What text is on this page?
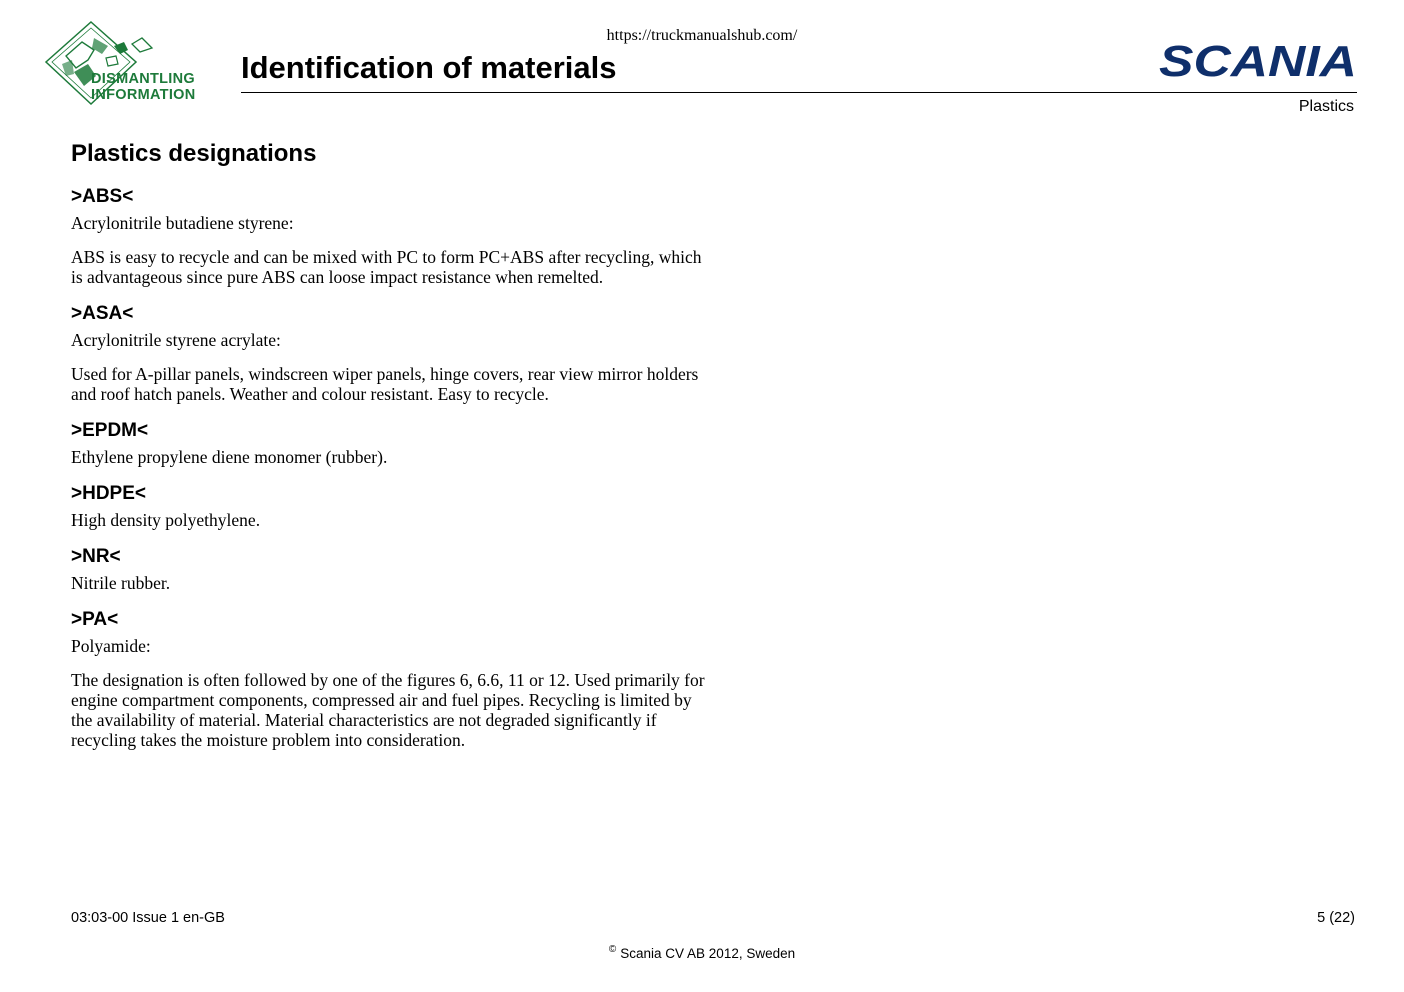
https://truckmanualshub.com/
DISMANTLING
INFORMATION
Identification of materials	SCANIA
Plastics
Plastics designations
>ABS<

Acrylonitrile butadiene styrene:

ABS is easy to recycle and can be mixed with PC to form PC+ABS after recycling, which is advantageous since pure ABS can loose impact resistance when remelted.

>ASA<

Acrylonitrile styrene acrylate:

Used for A-pillar panels, windscreen wiper panels, hinge covers, rear view mirror holders and roof hatch panels. Weather and colour resistant. Easy to recycle.

>EPDM<

Ethylene propylene diene monomer (rubber).

>HDPE<

High density polyethylene.

>NR<

Nitrile rubber.

>PA<

Polyamide:

The designation is often followed by one of the figures 6, 6.6, 11 or 12. Used primarily for engine compartment components, compressed air and fuel pipes. Recycling is limited by the availability of material. Material characteristics are not degraded significantly if recycling takes the moisture problem into consideration.

03:03-00 Issue 1 en-GB	5 (22)
© Scania CV AB 2012, Sweden
